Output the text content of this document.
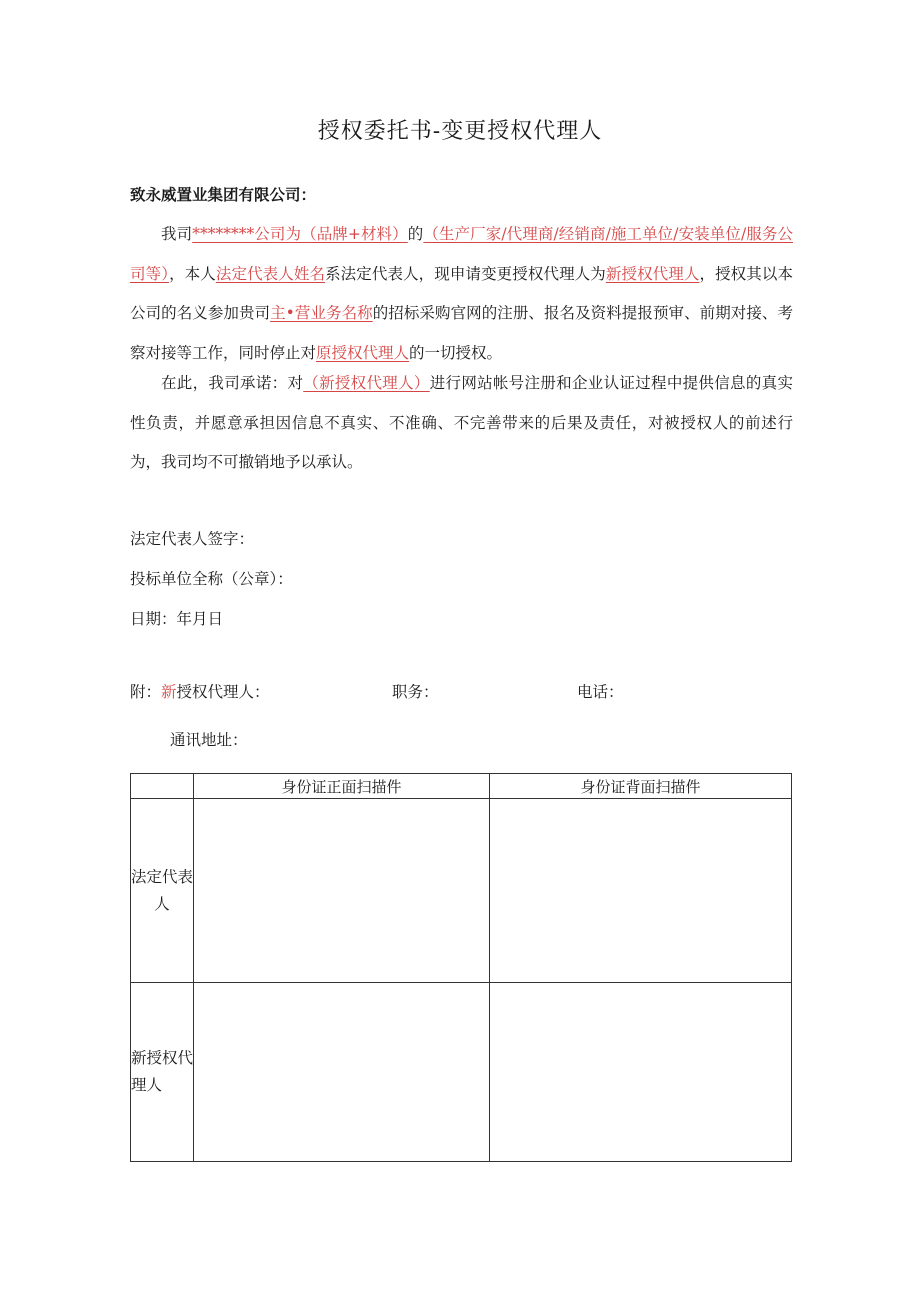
授权委托书-变更授权代理人
致永威置业集团有限公司：
我司********公司为（品牌+材料）的（生产厂家/代理商/经销商/施工单位/安装单位/服务公司等），本人法定代表人姓名系法定代表人，现申请变更授权代理人为新授权代理人，授权其以本公司的名义参加贵司主•营业务名称的招标采购官网的注册、报名及资料提报预审、前期对接、考察对接等工作，同时停止对原授权代理人的一切授权。
在此，我司承诺：对（新授权代理人）进行网站帐号注册和企业认证过程中提供信息的真实性负责，并愿意承担因信息不真实、不准确、不完善带来的后果及责任，对被授权人的前述行为，我司均不可撤销地予以承认。
法定代表人签字：
投标单位全称（公章）：
日期：年月日
附：新授权代理人：	职务：	电话：
通讯地址：
	身份证正面扫描件	身份证背面扫描件
法定代表人		
新授权代理人		
